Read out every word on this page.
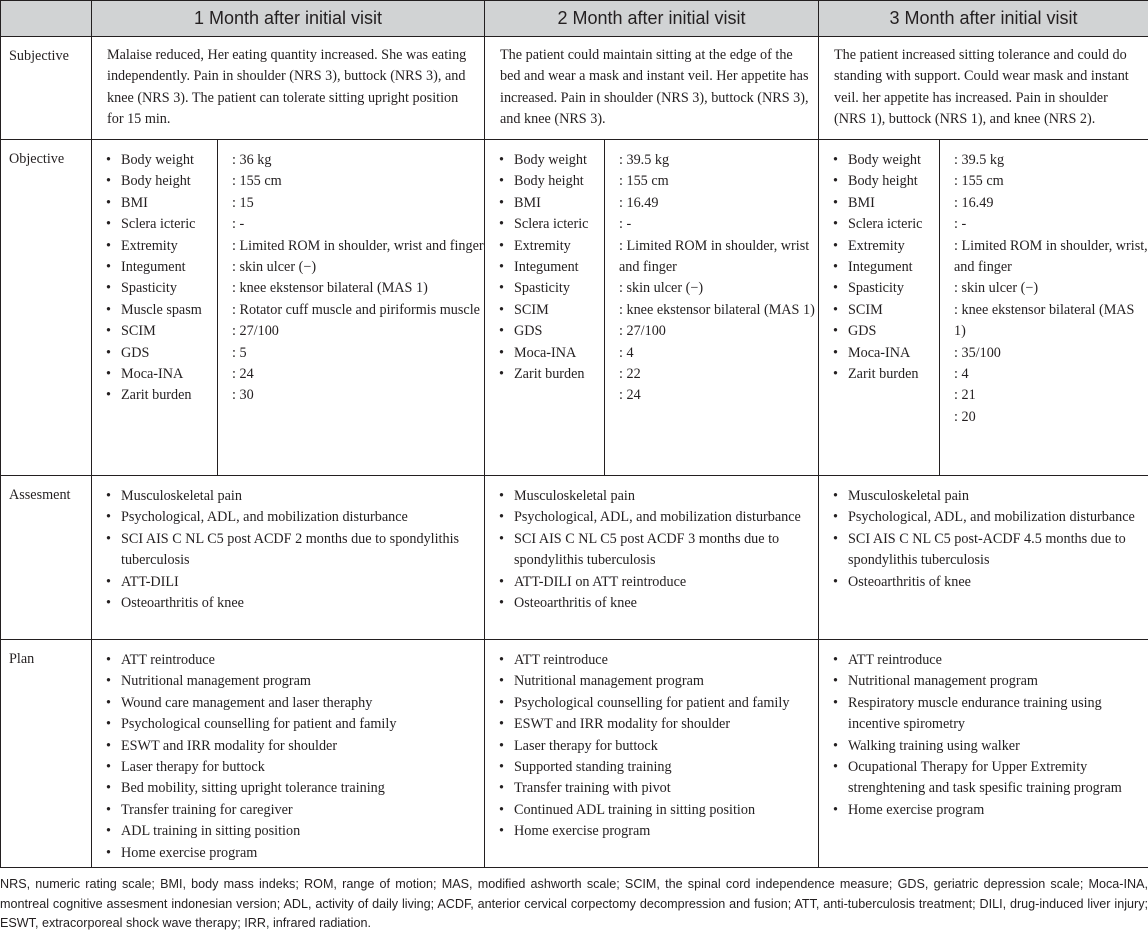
	1 Month after initial visit	2 Month after initial visit	3 Month after initial visit
Subjective	Malaise reduced, Her eating quantity increased. She was eating independently. Pain in shoulder (NRS 3), buttock (NRS 3), and knee (NRS 3). The patient can tolerate sitting upright position for 15 min.

The patient could maintain sitting at the edge of the bed and wear a mask and instant veil. Her appetite has increased. Pain in shoulder (NRS 3), buttock (NRS 3), and knee (NRS 3).

The patient increased sitting tolerance and could do standing with support. Could wear mask and instant veil. her appetite has increased. Pain in shoulder (NRS 1), buttock (NRS 1), and knee (NRS 2).

Objective	
•	Body weight
• Body height
• BMI
• Sclera icteric
• Extremity
• Integument
• Spasticity
• Muscle spasm
• SCIM
• GDS
• Moca-INA
• Zarit burden

: 36 kg
: 155 cm
: 15
: -
: Limited ROM in shoulder, wrist and finger
: skin ulcer (−)
: knee ekstensor bilateral (MAS 1)
: Rotator cuff muscle and piriformis muscle
: 27/100
: 5
: 24
: 30

• Body weight
• Body height
• BMI
• Sclera icteric
• Extremity
• Integument
• Spasticity
• SCIM
• GDS
• Moca-INA
• Zarit burden

: 39.5 kg
: 155 cm
: 16.49
: -
: Limited ROM in shoulder, wrist
and finger
: skin ulcer (−)
: knee ekstensor bilateral (MAS 1)
: 27/100
: 4
: 22
: 24

• Body weight
• Body height
• BMI
• Sclera icteric
• Extremity
• Integument
• Spasticity
• SCIM
• GDS
• Moca-INA
• Zarit burden

: 39.5 kg
: 155 cm
: 16.49
: -
: Limited ROM in shoulder, wrist,
and finger
: skin ulcer (−)
: knee ekstensor bilateral (MAS 1)
: 35/100
: 4
: 21
: 20

Assesment	
•Musculoskeletal pain
• Psychological, ADL, and mobilization disturbance
• SCI AIS C NL C5 post ACDF 2 months due to spondylithis tuberculosis
• ATT-DILI
• Osteoarthritis of knee

• Musculoskeletal pain
• Psychological, ADL, and mobilization disturbance
• SCI AIS C NL C5 post ACDF 3 months due to spondylithis tuberculosis
• ATT-DILI on ATT reintroduce
• Osteoarthritis of knee

• Musculoskeletal pain
• Psychological, ADL, and mobilization disturbance
• SCI AIS C NL C5 post-ACDF 4.5 months due to spondylithis tuberculosis
• Osteoarthritis of knee

Plan	
•ATT reintroduce
• Nutritional management program
• Wound care management and laser theraphy
• Psychological counselling for patient and family
• ESWT and IRR modality for shoulder
• Laser therapy for buttock
• Bed mobility, sitting upright tolerance training
• Transfer training for caregiver
• ADL training in sitting position
• Home exercise program

• ATT reintroduce
• Nutritional management program
• Psychological counselling for patient and family
• ESWT and IRR modality for shoulder
• Laser therapy for buttock
• Supported standing training
• Transfer training with pivot
• Continued ADL training in sitting position
• Home exercise program

• ATT reintroduce
• Nutritional management program
• Respiratory muscle endurance training using incentive spirometry
• Walking training using walker
• Ocupational Therapy for Upper Extremity strenghtening and task spesific training program
• Home exercise program
NRS, numeric rating scale; BMI, body mass indeks; ROM, range of motion; MAS, modified ashworth scale; SCIM, the spinal cord independence measure; GDS, geriatric depression scale; Moca-INA, montreal cognitive assesment indonesian version; ADL, activity of daily living; ACDF, anterior cervical corpectomy decompression and fusion; ATT, anti-tuberculosis treatment; DILI, drug-induced liver injury; ESWT, extracorporeal shock wave therapy; IRR, infrared radiation.
